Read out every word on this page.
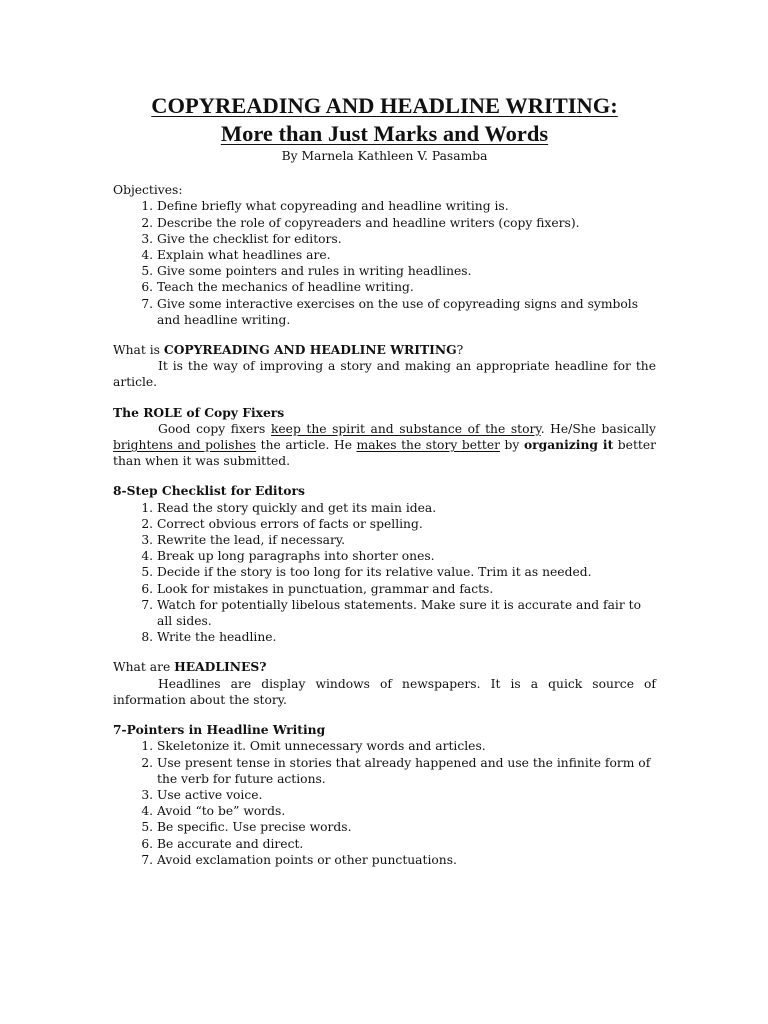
COPYREADING AND HEADLINE WRITING:
More than Just Marks and Words

By Marnela Kathleen V. Pasamba

Objectives:

1. Define briefly what copyreading and headline writing is.
2. Describe the role of copyreaders and headline writers (copy fixers).
3. Give the checklist for editors.
4. Explain what headlines are.
5. Give some pointers and rules in writing headlines.
6. Teach the mechanics of headline writing.
7. Give some interactive exercises on the use of copyreading signs and symbols and headline writing.

What is COPYREADING AND HEADLINE WRITING?

It is the way of improving a story and making an appropriate headline for the article.

The ROLE of Copy Fixers

Good copy fixers keep the spirit and substance of the story. He/She basically brightens and polishes the article. He makes the story better by organizing it better than when it was submitted.

8-Step Checklist for Editors

1. Read the story quickly and get its main idea.
2. Correct obvious errors of facts or spelling.
3. Rewrite the lead, if necessary.
4. Break up long paragraphs into shorter ones.
5. Decide if the story is too long for its relative value. Trim it as needed.
6. Look for mistakes in punctuation, grammar and facts.
7. Watch for potentially libelous statements. Make sure it is accurate and fair to all sides.
8. Write the headline.

What are HEADLINES?

Headlines are display windows of newspapers. It is a quick source of information about the story.

7-Pointers in Headline Writing

1. Skeletonize it. Omit unnecessary words and articles.
2. Use present tense in stories that already happened and use the infinite form of the verb for future actions.
3. Use active voice.
4. Avoid “to be” words.
5. Be specific. Use precise words.
6. Be accurate and direct.
7. Avoid exclamation points or other punctuations.
